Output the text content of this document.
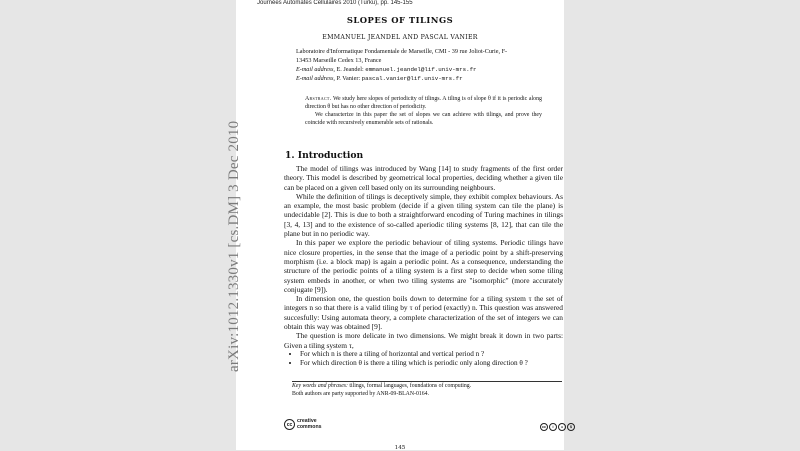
arXiv:1012.1330v1 [cs.DM] 3 Dec 2010
Journées Automates Cellulaires 2010 (Turku), pp. 145-155
SLOPES OF TILINGS
EMMANUEL JEANDEL AND PASCAL VANIER
Laboratoire d'Informatique Fondamentale de Marseille, CMI - 39 rue Joliot-Curie, F-
13453 Marseille Cedex 13, France
E-mail address, E. Jeandel: emmanuel.jeandel@lif.univ-mrs.fr
E-mail address, P. Vanier: pascal.vanier@lif.univ-mrs.fr

Abstract. We study here slopes of periodicity of tilings. A tiling is of slope θ if it is periodic along direction θ but has no other direction of periodicity.

We characterize in this paper the set of slopes we can achieve with tilings, and prove they coincide with recursively enumerable sets of rationals.

1. Introduction

The model of tilings was introduced by Wang [14] to study fragments of the first order theory. This model is described by geometrical local properties, deciding whether a given tile can be placed on a given cell based only on its surrounding neighbours.

While the definition of tilings is deceptively simple, they exhibit complex behaviours. As an example, the most basic problem (decide if a given tiling system can tile the plane) is undecidable [2]. This is due to both a straightforward encoding of Turing machines in tilings [3, 4, 13] and to the existence of so-called aperiodic tiling systems [8, 12], that can tile the plane but in no periodic way.

In this paper we explore the periodic behaviour of tiling systems. Periodic tilings have nice closure properties, in the sense that the image of a periodic point by a shift-preserving morphism (i.e. a block map) is again a periodic point. As a consequence, understanding the structure of the periodic points of a tiling system is a first step to decide when some tiling system embeds in another, or when two tiling systems are "isomorphic" (more accurately conjugate [9]).

In dimension one, the question boils down to determine for a tiling system τ the set of integers n so that there is a valid tiling by τ of period (exactly) n. This question was answered succesfully: Using automata theory, a complete characterization of the set of integers we can obtain this way was obtained [9].

The question is more delicate in two dimensions. We might break it down in two parts: Given a tiling system τ,

• For which n is there a tiling of horizontal and vertical period n ?
• For which direction θ is there a tiling which is periodic only along direction θ ?
Key words and phrases: tilings, formal languages, foundations of computing.
Both authors are party supported by ANR-09-BLAN-0164.
cc
creative
commons	cc	i	=	$
145
